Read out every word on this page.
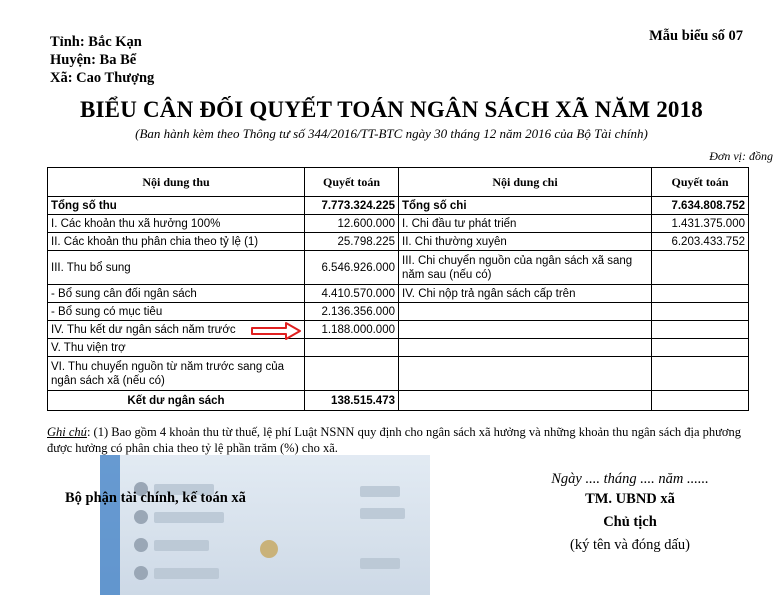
Tỉnh: Bắc Kạn
Huyện: Ba Bể
Xã: Cao Thượng
Mẫu biểu số 07
BIỂU CÂN ĐỐI QUYẾT TOÁN NGÂN SÁCH XÃ NĂM 2018
(Ban hành kèm theo Thông tư số 344/2016/TT-BTC ngày 30 tháng 12 năm 2016 của Bộ Tài chính)
Đơn vị: đồng
Nội dung thu	Quyết toán	Nội dung chi	Quyết toán
Tổng số thu	7.773.324.225	Tổng số chi	7.634.808.752
I. Các khoản thu xã hưởng 100%	12.600.000	I. Chi đầu tư phát triển	1.431.375.000
II. Các khoản thu phân chia theo tỷ lệ (1)	25.798.225	II. Chi thường xuyên	6.203.433.752
III. Thu bổ sung	6.546.926.000	III. Chi chuyển nguồn của ngân sách xã sang năm sau (nếu có)	
- Bổ sung cân đối ngân sách	4.410.570.000	IV. Chi nộp trả ngân sách cấp trên	
- Bổ sung có mục tiêu	2.136.356.000		
IV. Thu kết dư ngân sách năm trước	1.188.000.000		
V. Thu viện trợ			
VI. Thu chuyển nguồn từ năm trước sang của ngân sách xã (nếu có)			
Kết dư ngân sách	138.515.473		
Ghi chú: (1) Bao gồm 4 khoản thu từ thuế, lệ phí Luật NSNN quy định cho ngân sách xã hưởng và những khoản thu ngân sách địa phương được hưởng có phân chia theo tỷ lệ phần trăm (%) cho xã.
Bộ phận tài chính, kế toán xã
Ngày .... tháng .... năm ......
TM. UBND xã
Chủ tịch
(ký tên và đóng dấu)
